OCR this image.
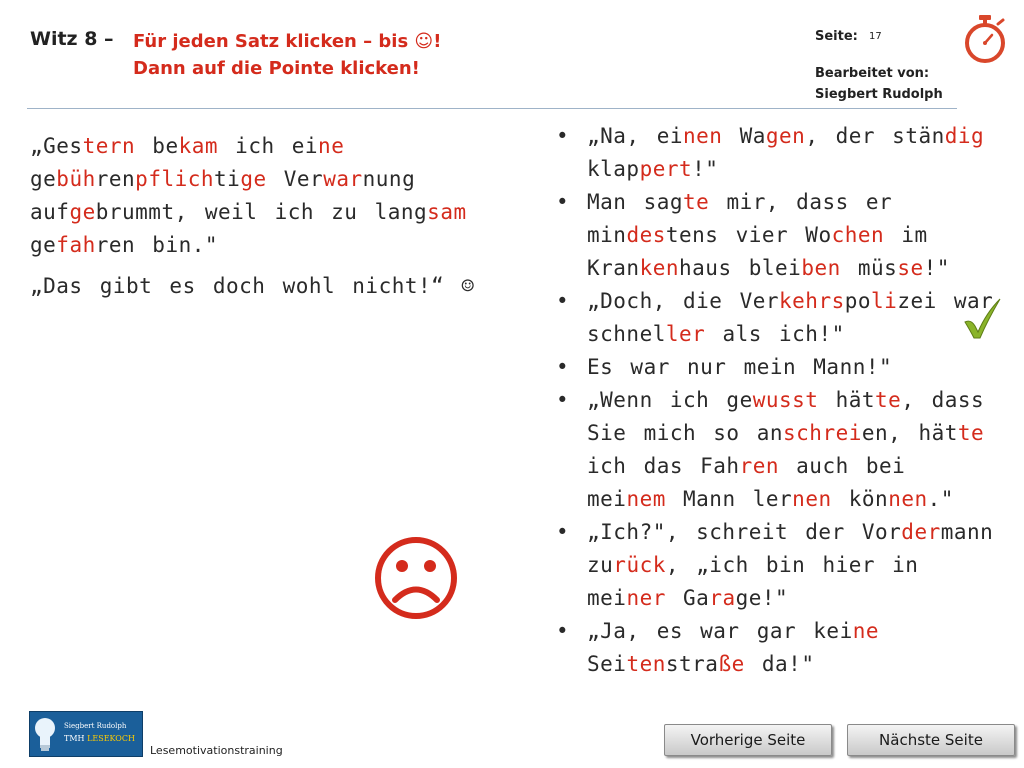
Witz 8 – Für jeden Satz klicken – bis ☺!
Dann auf die Pointe klicken!
Seite: 17
Bearbeitet von:
Siegbert Rudolph
„Gestern bekam ich eine gebührenpflichtige Verwarnung aufgebrummt, weil ich zu langsam gefahren bin."
„Das gibt es doch wohl nicht!“ ☺
• „Na, einen Wagen, der ständig klappert!"
• Man sagte mir, dass er mindestens vier Wochen im Krankenhaus bleiben müsse!"
• „Doch, die Verkehrspolizei war schneller als ich!"
• Es war nur mein Mann!"
• „Wenn ich gewusst hätte, dass Sie mich so anschreien, hätte ich das Fahren auch bei meinem Mann lernen können."
• „Ich?", schreit der Vordermann zurück, „ich bin hier in meiner Garage!"
• „Ja, es war gar keine Seitenstraße da!"
Siegbert Rudolph
TMH LESEKOCH
Lesemotivationstraining
Vorherige Seite	Nächste Seite
